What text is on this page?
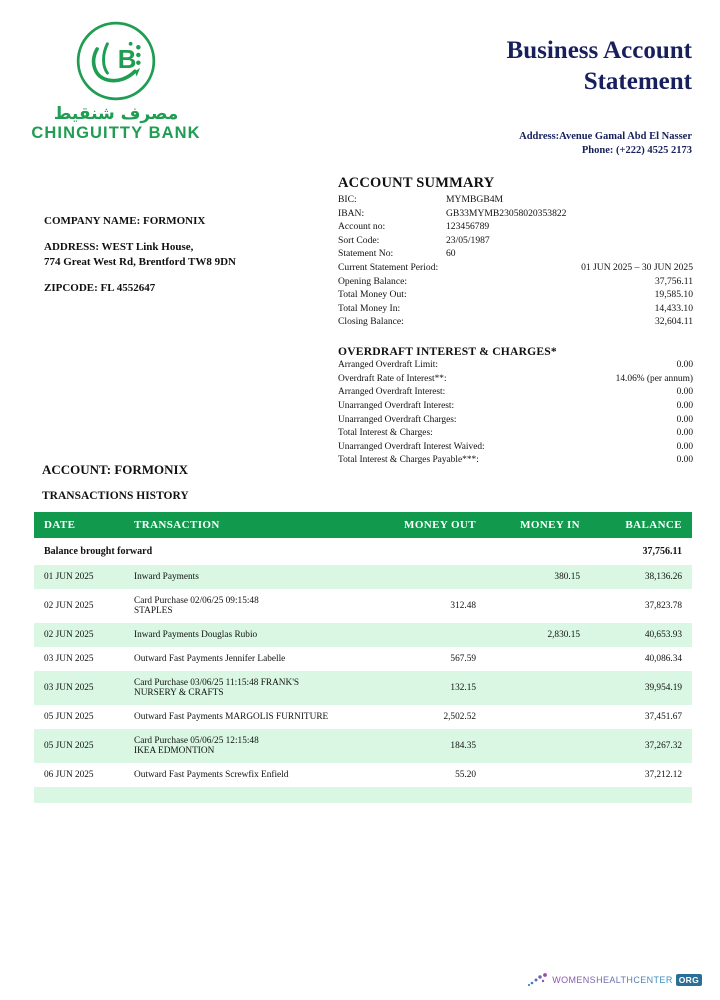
B
مصرف شنقيط
CHINGUITTY BANK
Business Account
Statement
Address:Avenue Gamal Abd El Nasser
Phone: (+222) 4525 2173
COMPANY NAME: FORMONIX
ADDRESS: WEST Link House,
774 Great West Rd, Brentford TW8 9DN
ZIPCODE: FL 4552647
ACCOUNT SUMMARY
BIC:	MYMBGB4M
IBAN:	GB33MYMB23058020353822
Account no:	123456789
Sort Code:	23/05/1987
Statement No:	60
Current Statement Period:	01 JUN 2025 – 30 JUN 2025
Opening Balance:	37,756.11
Total Money Out:	19,585.10
Total Money In:	14,433.10
Closing Balance:	32,604.11
OVERDRAFT INTEREST & CHARGES*
Arranged Overdraft Limit:	0.00
Overdraft Rate of Interest**:	14.06% (per annum)
Arranged Overdraft Interest:	0.00
Unarranged Overdraft Interest:	0.00
Unarranged Overdraft Charges:	0.00
Total Interest & Charges:	0.00
Unarranged Overdraft Interest Waived:	0.00
Total Interest & Charges Payable***:	0.00
ACCOUNT: FORMONIX
TRANSACTIONS HISTORY
DATE	TRANSACTION	MONEY OUT	MONEY IN	BALANCE
Balance brought forward				37,756.11
01 JUN 2025	Inward Payments		380.15	38,136.26
02 JUN 2025	Card Purchase 02/06/25 09:15:48
STAPLES	312.48		37,823.78
02 JUN 2025	Inward Payments Douglas Rubio		2,830.15	40,653.93
03 JUN 2025	Outward Fast Payments Jennifer Labelle	567.59		40,086.34
03 JUN 2025	Card Purchase 03/06/25 11:15:48 FRANK'S
NURSERY & CRAFTS	132.15		39,954.19
05 JUN 2025	Outward Fast Payments MARGOLIS FURNITURE	2,502.52		37,451.67
05 JUN 2025	Card Purchase 05/06/25 12:15:48
IKEA EDMONTION	184.35		37,267.32
06 JUN 2025	Outward Fast Payments Screwfix Enfield	55.20		37,212.12

WOMENSHEALTHCENTER ORG
